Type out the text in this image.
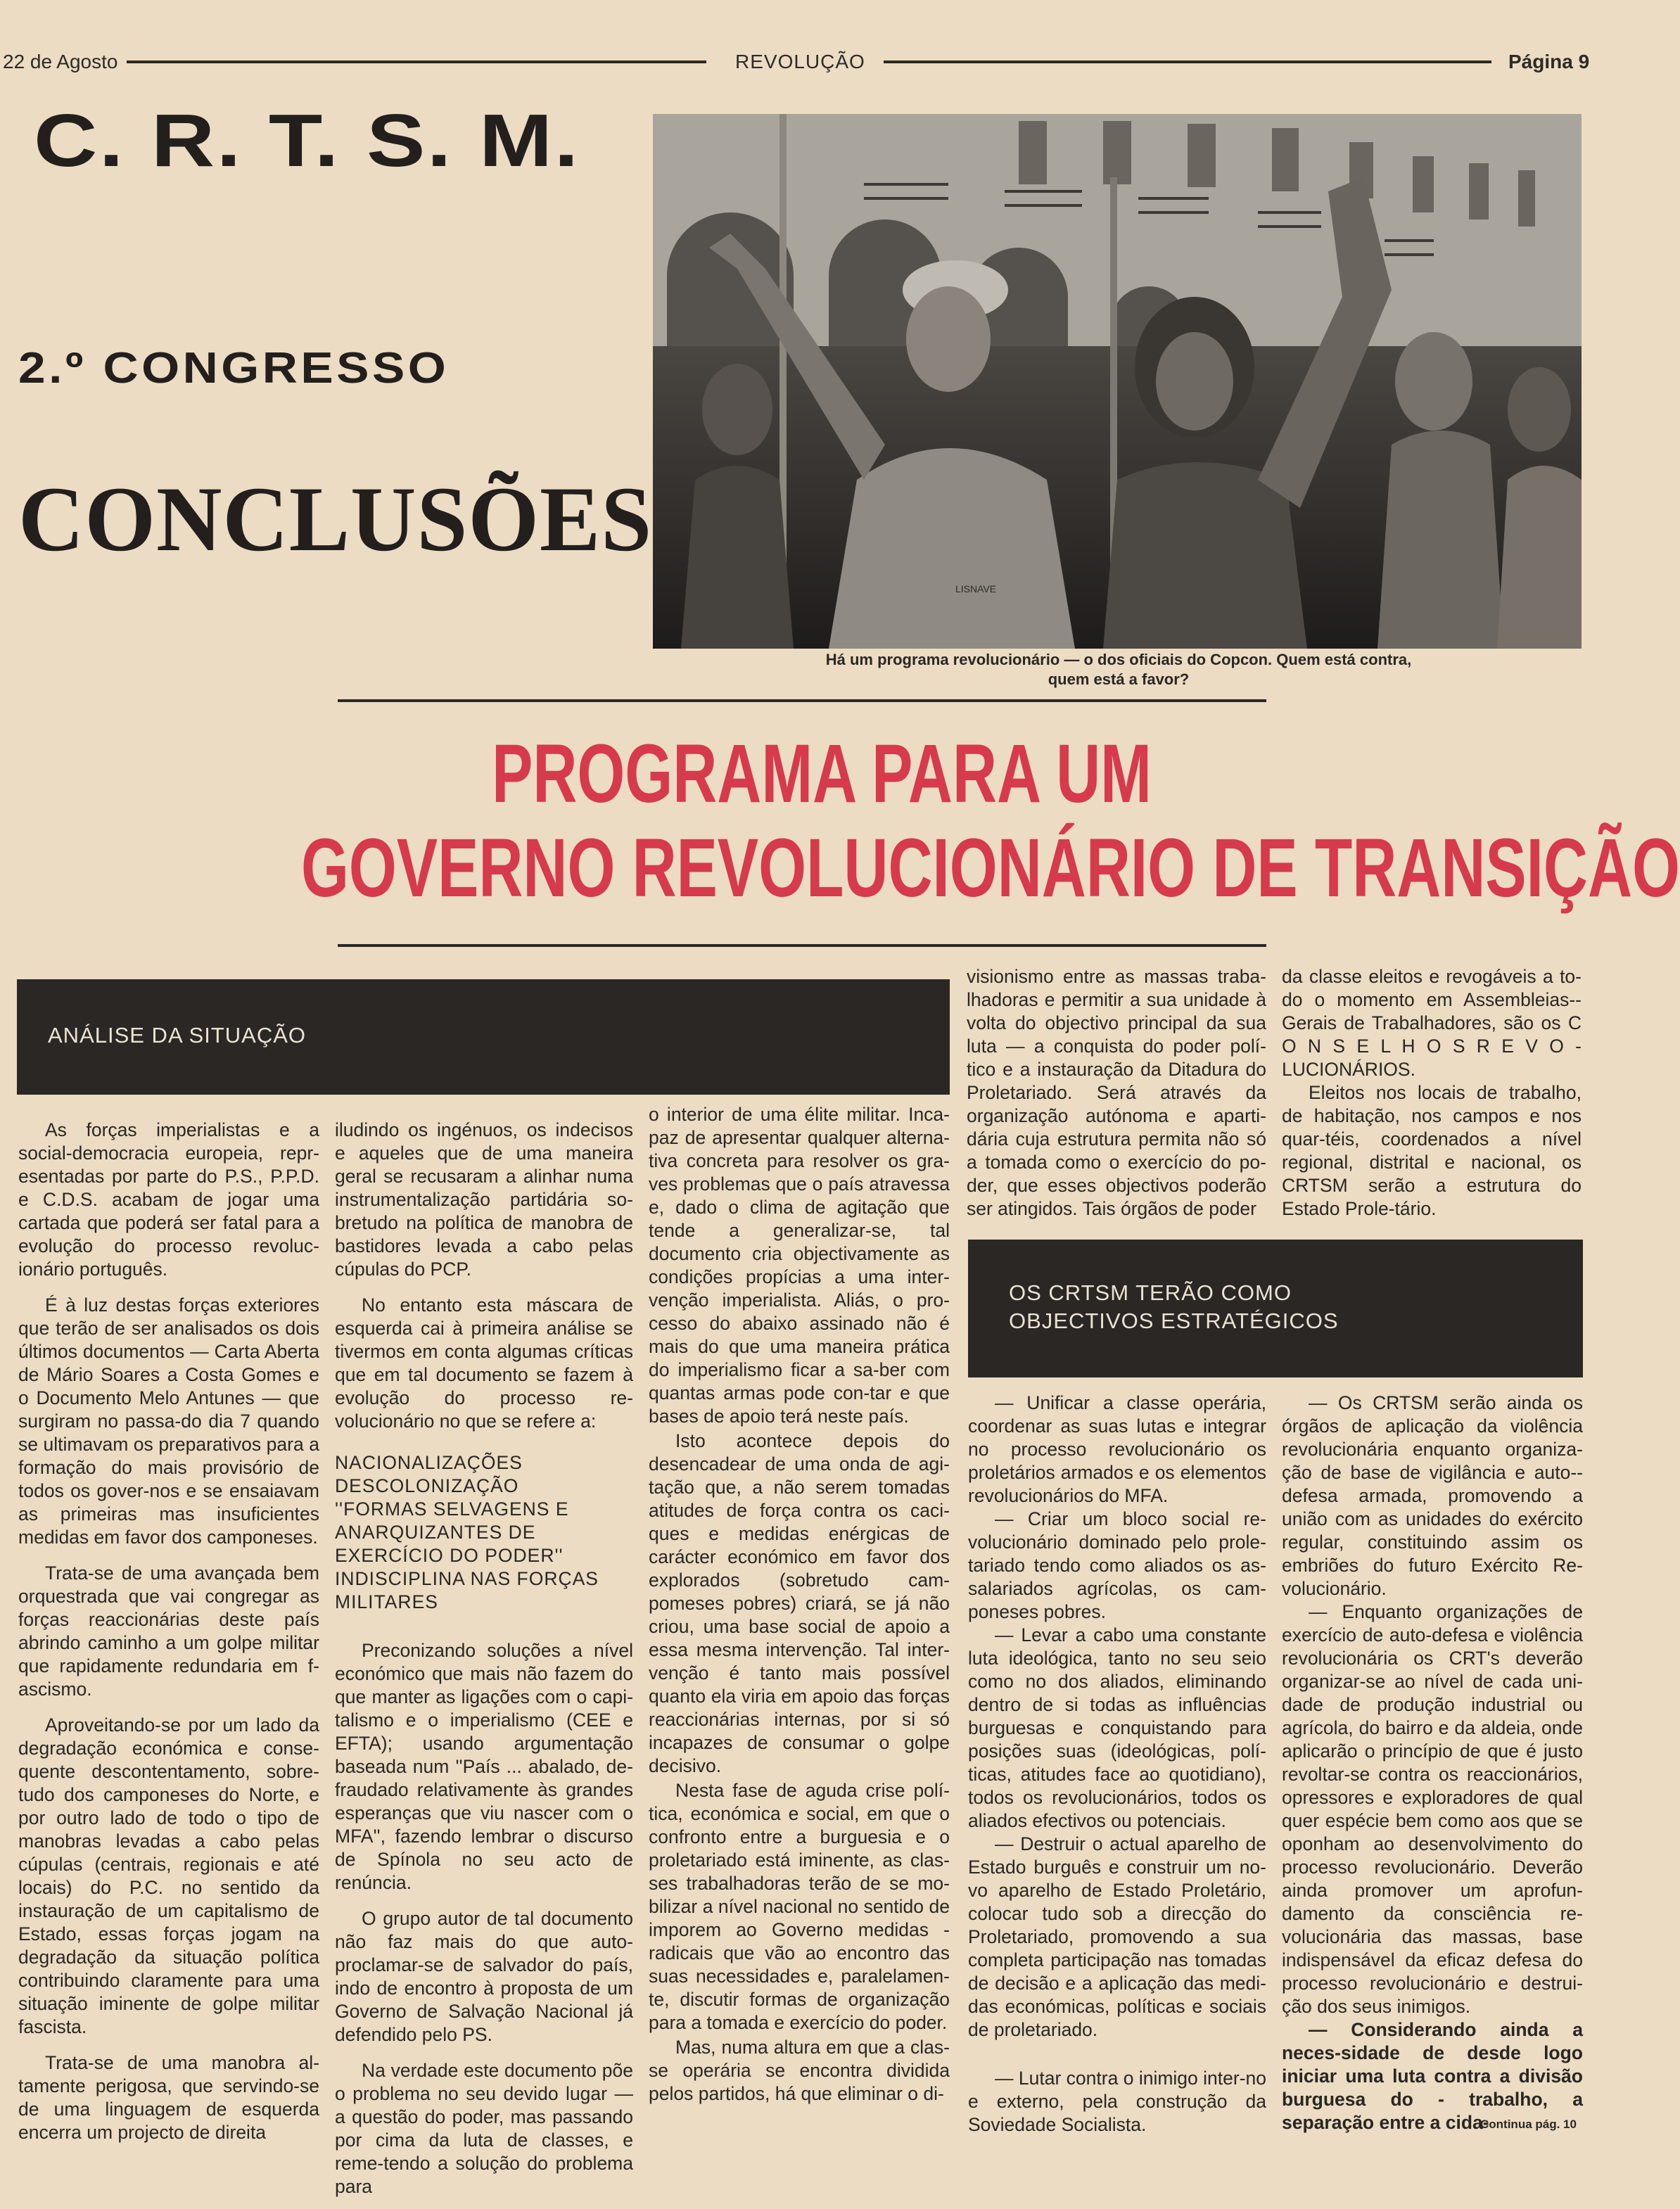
22 de Agosto	REVOLUÇÃO	Página 9
C. R. T. S. M.
2.º CONGRESSO
CONCLUSÕES
LISNAVE
Há um programa revolucionário — o dos oficiais do Copcon. Quem está contra,
quem está a favor?
PROGRAMA PARA UM
GOVERNO REVOLUCIONÁRIO DE TRANSIÇÃO
ANÁLISE DA SITUAÇÃO

As forças imperialistas e a social-democracia europeia, repr-esentadas por parte do P.S., P.P.D. e C.D.S. acabam de jogar uma cartada que poderá ser fatal para a evolução do processo revoluc-ionário português.

É à luz destas forças exteriores que terão de ser analisados os dois últimos documentos — Carta Aberta de Mário Soares a Costa Gomes e o Documento Melo Antunes — que surgiram no passa-do dia 7 quando se ultimavam os preparativos para a formação do mais provisório de todos os gover-nos e se ensaiavam as primeiras mas insuficientes medidas em favor dos camponeses.

Trata-se de uma avançada bem orquestrada que vai congregar as forças reaccionárias deste país abrindo caminho a um golpe militar que rapidamente redundaria em f-ascismo.

Aproveitando-se por um lado da degradação económica e conse-quente descontentamento, sobre-tudo dos camponeses do Norte, e por outro lado de todo o tipo de manobras levadas a cabo pelas cúpulas (centrais, regionais e até locais) do P.C. no sentido da instauração de um capitalismo de Estado, essas forças jogam na degradação da situação política contribuindo claramente para uma situação iminente de golpe militar fascista.

Trata-se de uma manobra al-tamente perigosa, que servindo-se de uma linguagem de esquerda encerra um projecto de direita

iludindo os ingénuos, os indecisos e aqueles que de uma maneira geral se recusaram a alinhar numa instrumentalização partidária so-bretudo na política de manobra de bastidores levada a cabo pelas cúpulas do PCP.

No entanto esta máscara de esquerda cai à primeira análise se tivermos em conta algumas críticas que em tal documento se fazem à evolução do processo re-volucionário no que se refere a:

NACIONALIZAÇÕES
DESCOLONIZAÇÃO
''FORMAS SELVAGENS E ANARQUIZANTES DE EXERCÍCIO DO PODER''
INDISCIPLINA NAS FORÇAS MILITARES

Preconizando soluções a nível económico que mais não fazem do que manter as ligações com o capi-talismo e o imperialismo (CEE e EFTA); usando argumentação baseada num ''País ... abalado, de-fraudado relativamente às grandes esperanças que viu nascer com o MFA'', fazendo lembrar o discurso de Spínola no seu acto de renúncia.

O grupo autor de tal documento não faz mais do que auto-proclamar-se de salvador do país, indo de encontro à proposta de um Governo de Salvação Nacional já defendido pelo PS.

Na verdade este documento põe o problema no seu devido lugar — a questão do poder, mas passando por cima da luta de classes, e reme-tendo a solução do problema para

o interior de uma élite militar. Inca-paz de apresentar qualquer alterna-tiva concreta para resolver os gra-ves problemas que o país atravessa e, dado o clima de agitação que tende a generalizar-se, tal documento cria objectivamente as condições propícias a uma inter-venção imperialista. Aliás, o pro-cesso do abaixo assinado não é mais do que uma maneira prática do imperialismo ficar a sa-ber com quantas armas pode con-tar e que bases de apoio terá neste país.

Isto acontece depois do desencadear de uma onda de agi-tação que, a não serem tomadas atitudes de força contra os caci-ques e medidas enérgicas de carácter económico em favor dos explorados (sobretudo cam-pomeses pobres) criará, se já não criou, uma base social de apoio a essa mesma intervenção. Tal inter-venção é tanto mais possível quanto ela viria em apoio das forças reaccionárias internas, por si só incapazes de consumar o golpe decisivo.

Nesta fase de aguda crise polí-tica, económica e social, em que o confronto entre a burguesia e o proletariado está iminente, as clas-ses trabalhadoras terão de se mo-bilizar a nível nacional no sentido de imporem ao Governo medidas -radicais que vão ao encontro das suas necessidades e, paralelamen-te, discutir formas de organização para a tomada e exercício do poder.

Mas, numa altura em que a clas-se operária se encontra dividida pelos partidos, há que eliminar o di-

visionismo entre as massas traba-lhadoras e permitir a sua unidade à volta do objectivo principal da sua luta — a conquista do poder polí-tico e a instauração da Ditadura do Proletariado. Será através da organização autónoma e aparti-dária cuja estrutura permita não só a tomada como o exercício do po-der, que esses objectivos poderão ser atingidos. Tais órgãos de poder

da classe eleitos e revogáveis a to-do o momento em Assembleias--Gerais de Trabalhadores, são os C O N S E L H O S R E V O - LUCIONÁRIOS.

Eleitos nos locais de trabalho, de habitação, nos campos e nos quar-téis, coordenados a nível regional, distrital e nacional, os CRTSM serão a estrutura do Estado Prole-tário.

OS CRTSM TERÃO COMO
OBJECTIVOS ESTRATÉGICOS

— Unificar a classe operária, coordenar as suas lutas e integrar no processo revolucionário os proletários armados e os elementos revolucionários do MFA.

— Criar um bloco social re-volucionário dominado pelo prole-tariado tendo como aliados os as-salariados agrícolas, os cam-poneses pobres.

— Levar a cabo uma constante luta ideológica, tanto no seu seio como no dos aliados, eliminando dentro de si todas as influências burguesas e conquistando para posições suas (ideológicas, polí-ticas, atitudes face ao quotidiano), todos os revolucionários, todos os aliados efectivos ou potenciais.

— Destruir o actual aparelho de Estado burguês e construir um no-vo aparelho de Estado Proletário, colocar tudo sob a direcção do Proletariado, promovendo a sua completa participação nas tomadas de decisão e a aplicação das medi-das económicas, políticas e sociais de proletariado.

— Lutar contra o inimigo inter-no e externo, pela construção da Soviedade Socialista.

— Os CRTSM serão ainda os órgãos de aplicação da violência revolucionária enquanto organiza-ção de base de vigilância e auto--defesa armada, promovendo a união com as unidades do exército regular, constituindo assim os embriões do futuro Exército Re-volucionário.

— Enquanto organizações de exercício de auto-defesa e violência revolucionária os CRT's deverão organizar-se ao nível de cada uni-dade de produção industrial ou agrícola, do bairro e da aldeia, onde aplicarão o princípio de que é justo revoltar-se contra os reaccionários, opressores e exploradores de qual quer espécie bem como aos que se oponham ao desenvolvimento do processo revolucionário. Deverão ainda promover um aprofun-damento da consciência re-volucionária das massas, base indispensável da eficaz defesa do processo revolucionário e destrui-ção dos seus inimigos.

— Considerando ainda a neces-sidade de desde logo iniciar uma luta contra a divisão burguesa do - trabalho, a separação entre a cida-

Continua pág. 10
